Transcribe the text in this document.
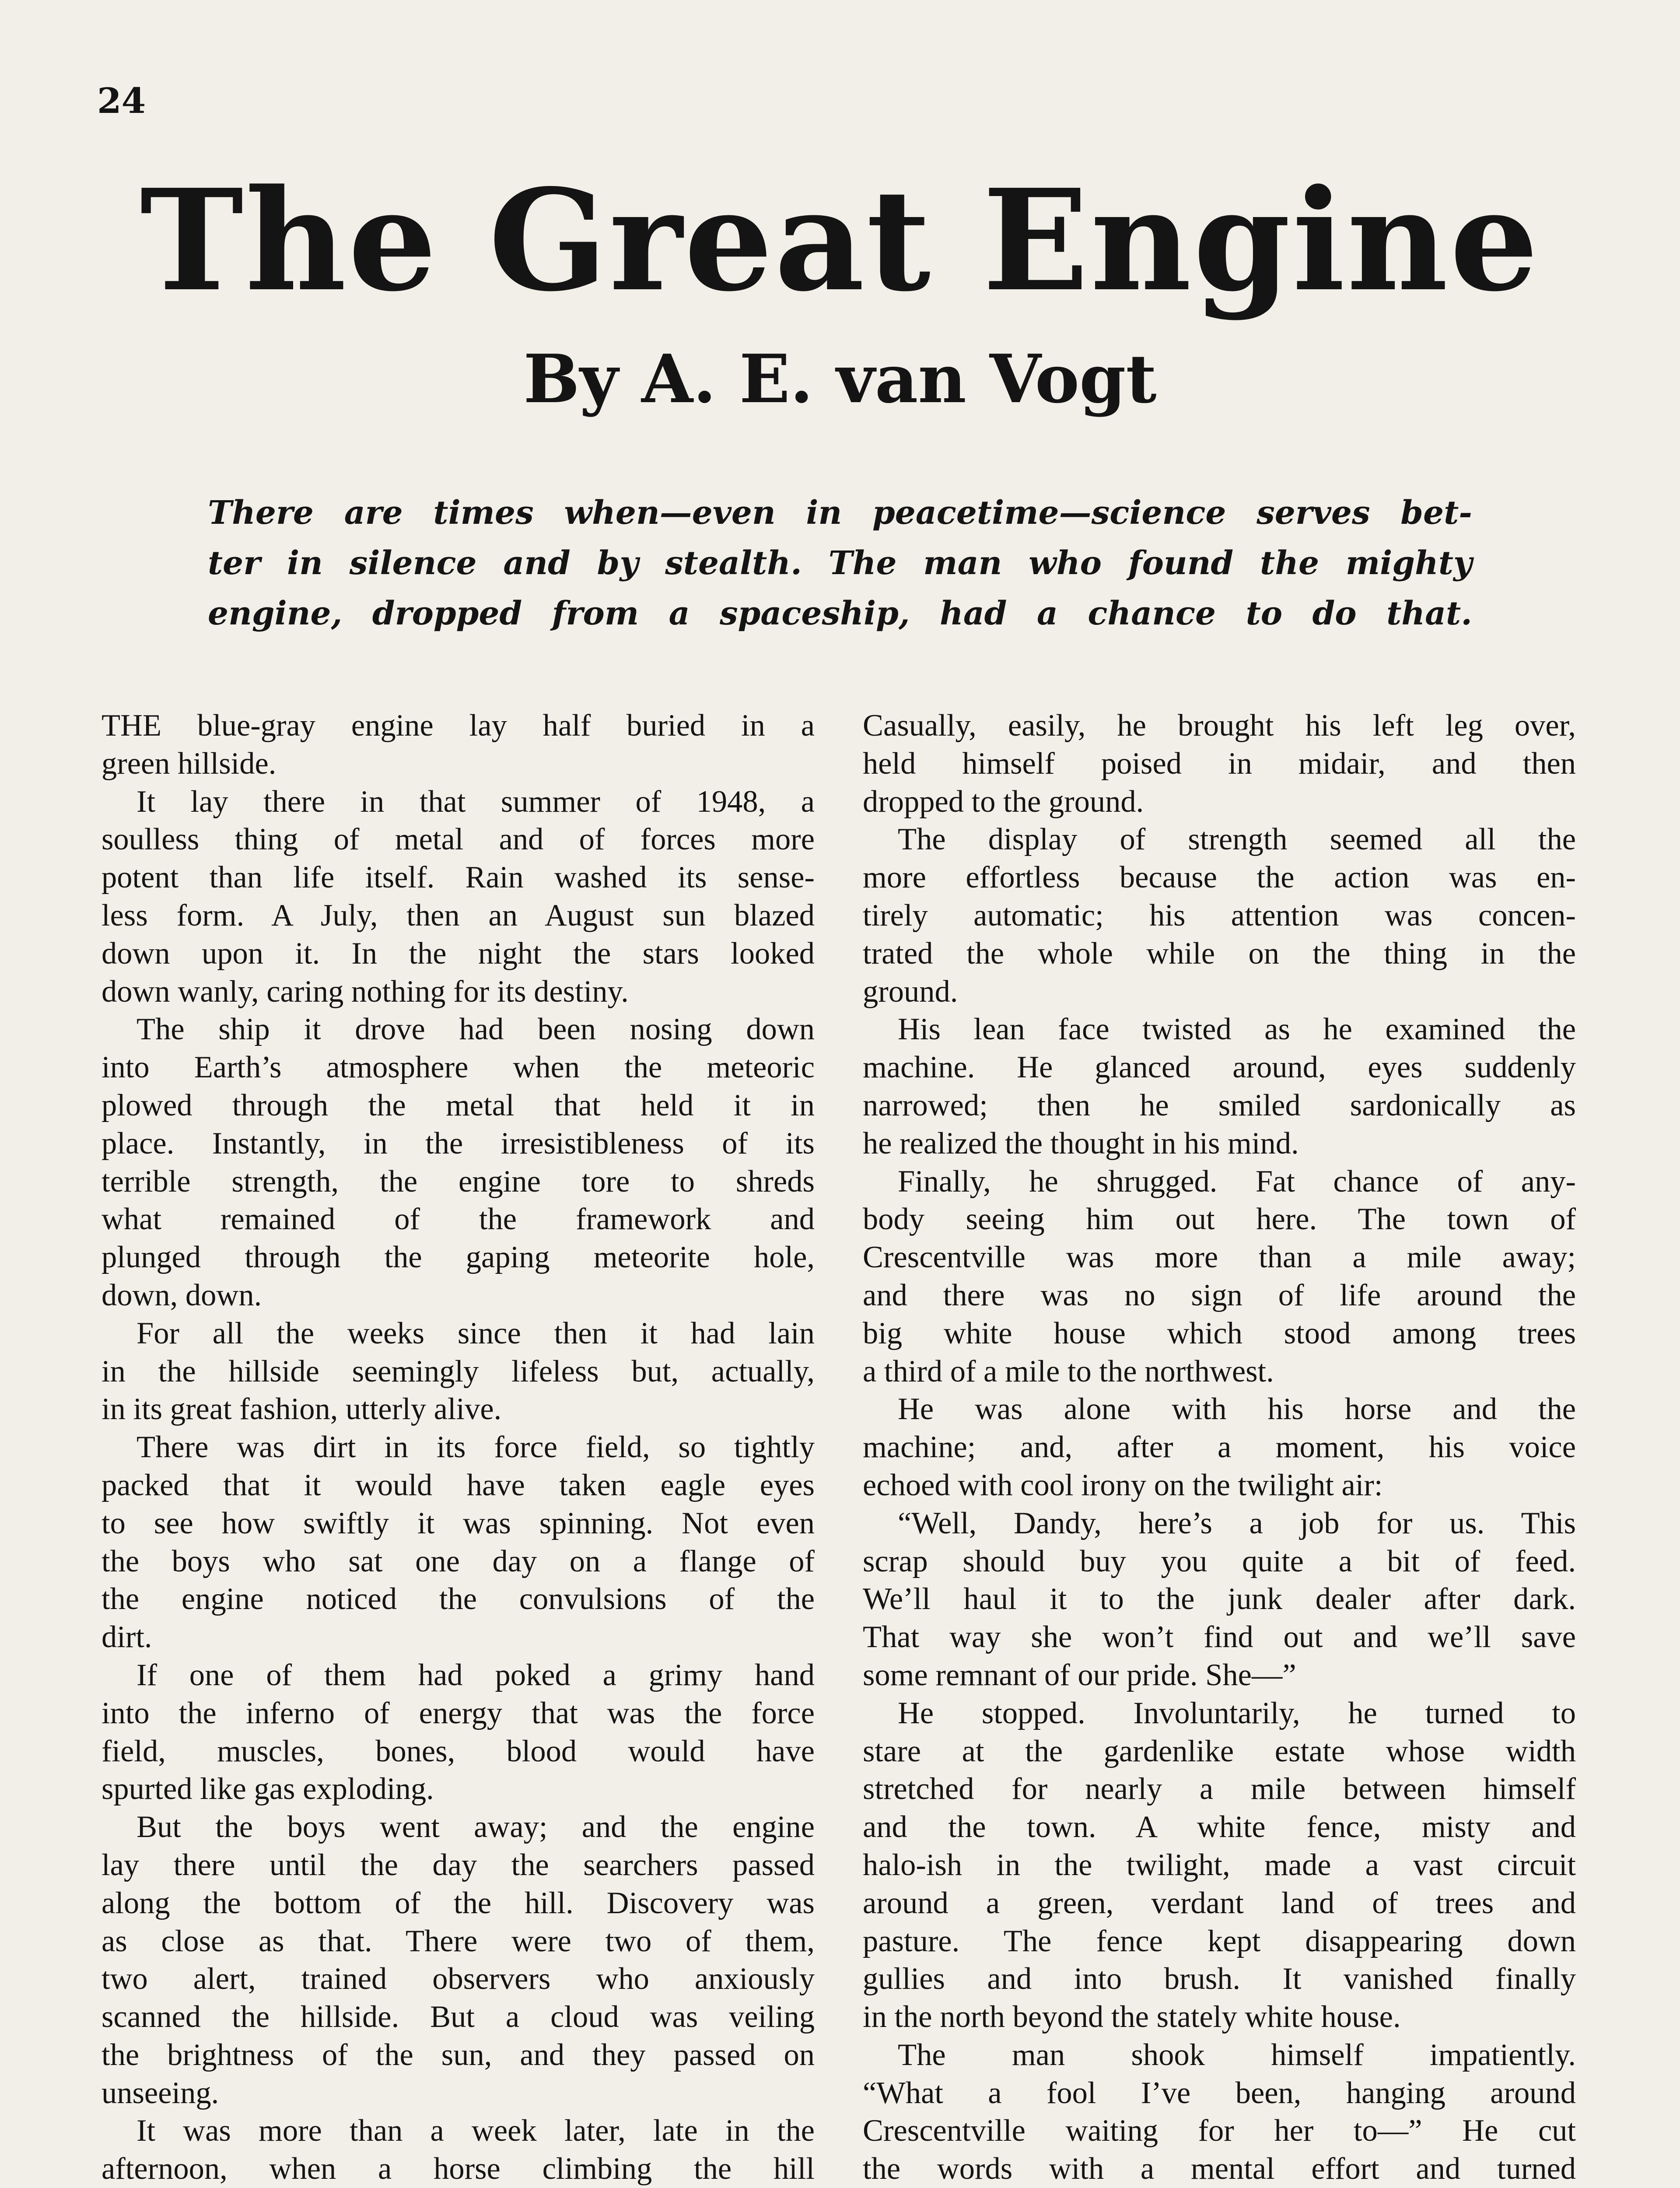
24
The Great Engine
By A. E. van Vogt
There are times when—even in peacetime—science serves bet-
ter in silence and by stealth. The man who found the mighty
engine, dropped from a spaceship, had a chance to do that.
THE blue-gray engine lay half buried in a
green hillside.
It lay there in that summer of 1948, a
soulless thing of metal and of forces more
potent than life itself. Rain washed its sense-
less form. A July, then an August sun blazed
down upon it. In the night the stars looked
down wanly, caring nothing for its destiny.
The ship it drove had been nosing down
into Earth’s atmosphere when the meteoric
plowed through the metal that held it in
place. Instantly, in the irresistibleness of its
terrible strength, the engine tore to shreds
what remained of the framework and
plunged through the gaping meteorite hole,
down, down.
For all the weeks since then it had lain
in the hillside seemingly lifeless but, actually,
in its great fashion, utterly alive.
There was dirt in its force field, so tightly
packed that it would have taken eagle eyes
to see how swiftly it was spinning. Not even
the boys who sat one day on a flange of
the engine noticed the convulsions of the
dirt.
If one of them had poked a grimy hand
into the inferno of energy that was the force
field, muscles, bones, blood would have
spurted like gas exploding.
But the boys went away; and the engine
lay there until the day the searchers passed
along the bottom of the hill. Discovery was
as close as that. There were two of them,
two alert, trained observers who anxiously
scanned the hillside. But a cloud was veiling
the brightness of the sun, and they passed on
unseeing.
It was more than a week later, late in the
afternoon, when a horse climbing the hill
Casually, easily, he brought his left leg over,
held himself poised in midair, and then
dropped to the ground.
The display of strength seemed all the
more effortless because the action was en-
tirely automatic; his attention was concen-
trated the whole while on the thing in the
ground.
His lean face twisted as he examined the
machine. He glanced around, eyes suddenly
narrowed; then he smiled sardonically as
he realized the thought in his mind.
Finally, he shrugged. Fat chance of any-
body seeing him out here. The town of
Crescentville was more than a mile away;
and there was no sign of life around the
big white house which stood among trees
a third of a mile to the northwest.
He was alone with his horse and the
machine; and, after a moment, his voice
echoed with cool irony on the twilight air:
“Well, Dandy, here’s a job for us. This
scrap should buy you quite a bit of feed.
We’ll haul it to the junk dealer after dark.
That way she won’t find out and we’ll save
some remnant of our pride. She—”
He stopped. Involuntarily, he turned to
stare at the gardenlike estate whose width
stretched for nearly a mile between himself
and the town. A white fence, misty and
halo-ish in the twilight, made a vast circuit
around a green, verdant land of trees and
pasture. The fence kept disappearing down
gullies and into brush. It vanished finally
in the north beyond the stately white house.
The man shook himself impatiently.
“What a fool I’ve been, hanging around
Crescentville waiting for her to—” He cut
the words with a mental effort and turned
